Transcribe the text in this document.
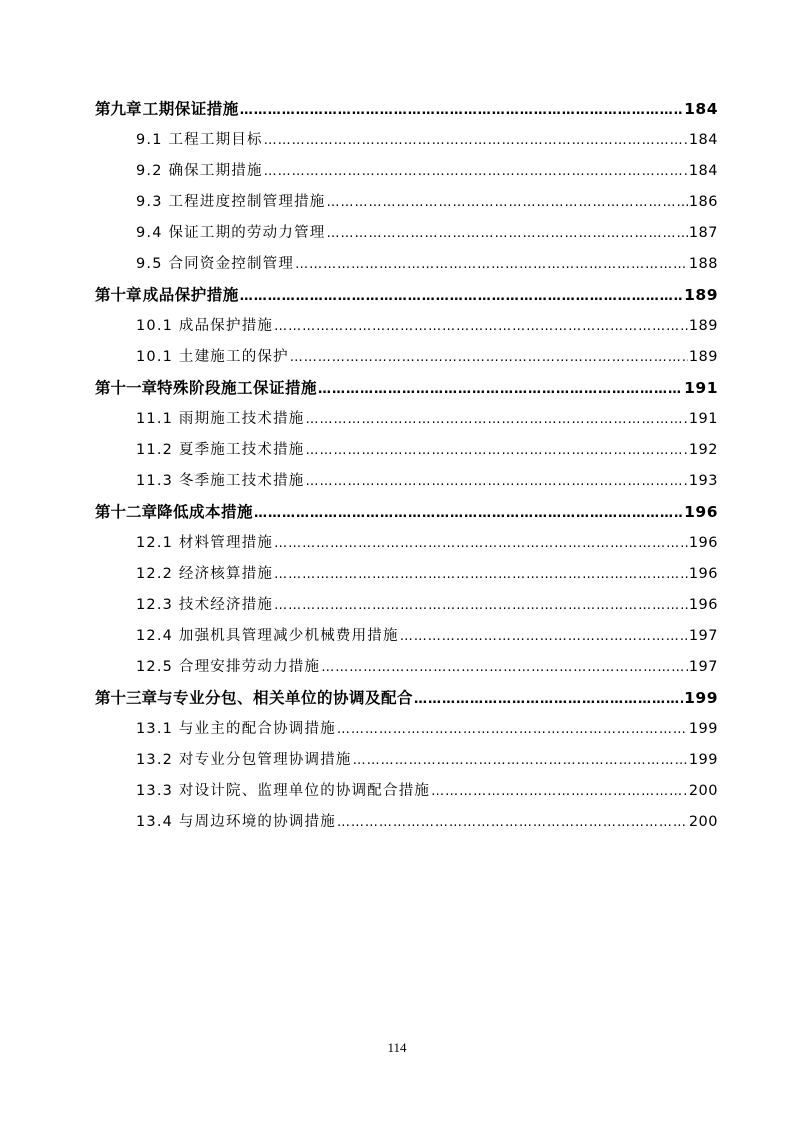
第九章 工期保证措施 …………………………………………………………………………………………………………………………………………………………………………………	184
9.1 工程工期目标 …………………………………………………………………………………………………………………………………………………………………………………	184
9.2 确保工期措施 …………………………………………………………………………………………………………………………………………………………………………………	184
9.3 工程进度控制管理措施 …………………………………………………………………………………………………………………………………………………………………………………	186
9.4 保证工期的劳动力管理 …………………………………………………………………………………………………………………………………………………………………………………	187
9.5 合同资金控制管理 …………………………………………………………………………………………………………………………………………………………………………………	188
第十章 成品保护措施 …………………………………………………………………………………………………………………………………………………………………………………	189
10.1 成品保护措施 …………………………………………………………………………………………………………………………………………………………………………………	189
10.1 土建施工的保护 …………………………………………………………………………………………………………………………………………………………………………………	189
第十一章 特殊阶段施工保证措施 …………………………………………………………………………………………………………………………………………………………………………………	191
11.1 雨期施工技术措施 …………………………………………………………………………………………………………………………………………………………………………………	191
11.2 夏季施工技术措施 …………………………………………………………………………………………………………………………………………………………………………………	192
11.3 冬季施工技术措施 …………………………………………………………………………………………………………………………………………………………………………………	193
第十二章 降低成本措施 …………………………………………………………………………………………………………………………………………………………………………………	196
12.1 材料管理措施 …………………………………………………………………………………………………………………………………………………………………………………	196
12.2 经济核算措施 …………………………………………………………………………………………………………………………………………………………………………………	196
12.3 技术经济措施 …………………………………………………………………………………………………………………………………………………………………………………	196
12.4 加强机具管理减少机械费用措施 …………………………………………………………………………………………………………………………………………………………………………………	197
12.5 合理安排劳动力措施 …………………………………………………………………………………………………………………………………………………………………………………	197
第十三章 与专业分包、相关单位的协调及配合 …………………………………………………………………………………………………………………………………………………………………………………	199
13.1 与业主的配合协调措施 …………………………………………………………………………………………………………………………………………………………………………………	199
13.2 对专业分包管理协调措施 …………………………………………………………………………………………………………………………………………………………………………………	199
13.3 对设计院、监理单位的协调配合措施 …………………………………………………………………………………………………………………………………………………………………………………	200
13.4 与周边环境的协调措施 …………………………………………………………………………………………………………………………………………………………………………………	200
114
